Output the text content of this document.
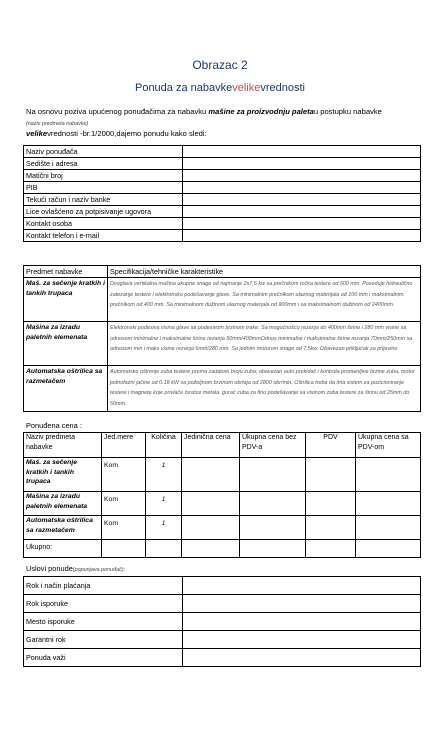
Obrazac 2
Ponuda za nabavkevelikevrednosti
Na osnovu poziva upućenog ponuđačima za nabavku mašine za proizvodnju paletau postupku nabavke
(naziv predmeta nabavke)
velikevrednosti -br.1/2000,dajemo ponudu kako sledi:
Naziv ponuđača	
Sedište i adresa	
Matični broj	
PIB	
Tekući račun i naziv banke	
Lice ovlašćeno za potpisivanje ugovora	
Kontakt osoba	
Kontakt telefon i e-mail	
Predmet nabavke	Specifikacija/tehničke karakteristike
Maš. za sečenje kratkih i tankih trupaca	Dvoglava vertikalna mašina ukupne snage od najmanje 2x7,5 kw sa prečnikom točka testere od 600 mm. Poseduje hidraulično zatezanje testere i elektronsko podešavanje glave. Sa minimalnim prečnikom ulaznog materijala od 100 mm i maksimalnim. prečnikom od 400 mm. Sa minimalnom dužinom ulaznog materjala od 900mm i sa maksimalnom dužinom od 2400mm.
Mašina za izradu paletnih elemenata	Elektronski podesiva visina glave sa podesivom brzinom trake. Sa mogućnošću rezanja do 400mm širine i 280 mm visine sa odnosom minimalne i maksimalne širine rezanja 50mm/400mmOdnos minimalne i maksimalne širine rezanja 70mm/250mm sa odnosom min i maks visine rezanja 6mm/280 mm. Sa jednim motorom snage od 7,5kw. Obavezan priključak za prljevinu
Automatska oštrilica sa razmetačem	Automatsko oštrenje zuba testere prema zadatom broju zuba; obavezan auto prekidač i kontrola promenljive brzine zuba, motor jednofazni jačine od 0.18 kW sa poželjnom brzinom obrtaja od 2800 obr/min. Oštrilica treba da ima sistem za pozicioniranje testere i magnete koje privlače čestice metala. gurać zuba za fino podešavanje sa visinom zuba testere za širinu od 25mm do 50mm.
Ponuđena cena :
Naziv predmeta nabavke	Jed.mere	Količina	Jedinična cena	Ukupna cena bez PDV-a	PDV	Ukupna cena sa PDV-om
Maš. za sečenje kratkih i tankih trupaca	Kom	1				
Mašina za izradu paletnih elemenata	Kom	1				
Automatska oštrilica sa razmetačem	Kom	1				
Ukupno:						
Uslovi ponude(popunjava ponuđač):
Rok i način plaćanja	
Rok isporuke	
Mesto isporuke	
Garantni rok	
Ponuda važi	
